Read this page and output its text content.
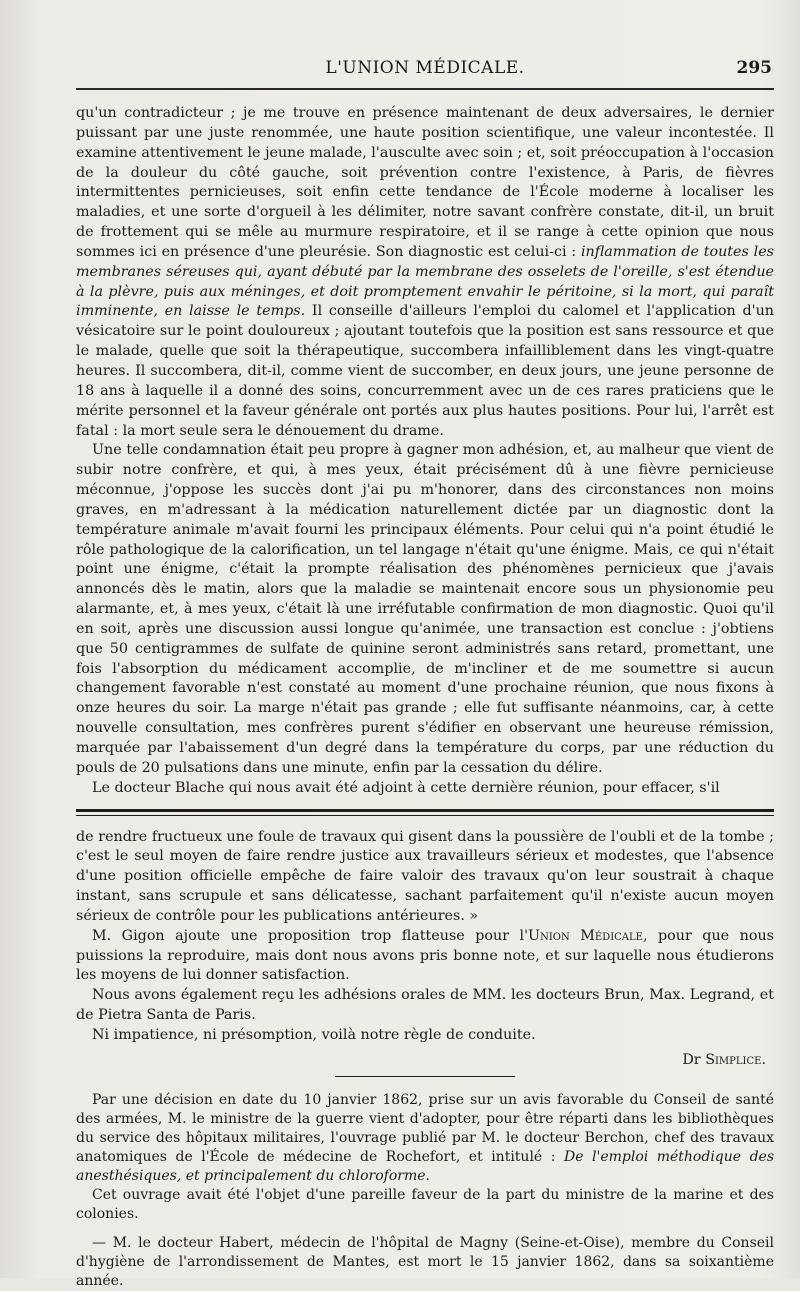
L'UNION MÉDICALE.	295

qu'un contradicteur ; je me trouve en présence maintenant de deux adversaires, le dernier puissant par une juste renommée, une haute position scientifique, une valeur incontestée. Il examine attentivement le jeune malade, l'ausculte avec soin ; et, soit préoccupation à l'occasion de la douleur du côté gauche, soit prévention contre l'existence, à Paris, de fièvres intermittentes pernicieuses, soit enfin cette tendance de l'École moderne à localiser les maladies, et une sorte d'orgueil à les délimiter, notre savant confrère constate, dit-il, un bruit de frottement qui se mêle au murmure respiratoire, et il se range à cette opinion que nous sommes ici en présence d'une pleurésie. Son diagnostic est celui-ci : inflammation de toutes les membranes séreuses qui, ayant débuté par la membrane des osselets de l'oreille, s'est étendue à la plèvre, puis aux méninges, et doit promptement envahir le péritoine, si la mort, qui paraît imminente, en laisse le temps. Il conseille d'ailleurs l'emploi du calomel et l'application d'un vésicatoire sur le point douloureux ; ajoutant toutefois que la position est sans ressource et que le malade, quelle que soit la thérapeutique, succombera infailliblement dans les vingt-quatre heures. Il succombera, dit-il, comme vient de succomber, en deux jours, une jeune personne de 18 ans à laquelle il a donné des soins, concurremment avec un de ces rares praticiens que le mérite personnel et la faveur générale ont portés aux plus hautes positions. Pour lui, l'arrêt est fatal : la mort seule sera le dénouement du drame.

Une telle condamnation était peu propre à gagner mon adhésion, et, au malheur que vient de subir notre confrère, et qui, à mes yeux, était précisément dû à une fièvre pernicieuse méconnue, j'oppose les succès dont j'ai pu m'honorer, dans des circonstances non moins graves, en m'adressant à la médication naturellement dictée par un diagnostic dont la température animale m'avait fourni les principaux éléments. Pour celui qui n'a point étudié le rôle pathologique de la calorification, un tel langage n'était qu'une énigme. Mais, ce qui n'était point une énigme, c'était la prompte réalisation des phénomènes pernicieux que j'avais annoncés dès le matin, alors que la maladie se maintenait encore sous un physionomie peu alarmante, et, à mes yeux, c'était là une irréfutable confirmation de mon diagnostic. Quoi qu'il en soit, après une discussion aussi longue qu'animée, une transaction est conclue : j'obtiens que 50 centigrammes de sulfate de quinine seront administrés sans retard, promettant, une fois l'absorption du médicament accomplie, de m'incliner et de me soumettre si aucun changement favorable n'est constaté au moment d'une prochaine réunion, que nous fixons à onze heures du soir. La marge n'était pas grande ; elle fut suffisante néanmoins, car, à cette nouvelle consultation, mes confrères purent s'édifier en observant une heureuse rémission, marquée par l'abaissement d'un degré dans la température du corps, par une réduction du pouls de 20 pulsations dans une minute, enfin par la cessation du délire.

Le docteur Blache qui nous avait été adjoint à cette dernière réunion, pour effacer, s'il

de rendre fructueux une foule de travaux qui gisent dans la poussière de l'oubli et de la tombe ; c'est le seul moyen de faire rendre justice aux travailleurs sérieux et modestes, que l'absence d'une position officielle empêche de faire valoir des travaux qu'on leur soustrait à chaque instant, sans scrupule et sans délicatesse, sachant parfaitement qu'il n'existe aucun moyen sérieux de contrôle pour les publications antérieures. »

M. Gigon ajoute une proposition trop flatteuse pour l'Union Médicale, pour que nous puissions la reproduire, mais dont nous avons pris bonne note, et sur laquelle nous étudierons les moyens de lui donner satisfaction.

Nous avons également reçu les adhésions orales de MM. les docteurs Brun, Max. Legrand, et de Pietra Santa de Paris.

Ni impatience, ni présomption, voilà notre règle de conduite.

Dr Simplice.

Par une décision en date du 10 janvier 1862, prise sur un avis favorable du Conseil de santé des armées, M. le ministre de la guerre vient d'adopter, pour être réparti dans les bibliothèques du service des hôpitaux militaires, l'ouvrage publié par M. le docteur Berchon, chef des travaux anatomiques de l'École de médecine de Rochefort, et intitulé : De l'emploi méthodique des anesthésiques, et principalement du chloroforme.

Cet ouvrage avait été l'objet d'une pareille faveur de la part du ministre de la marine et des colonies.

— M. le docteur Habert, médecin de l'hôpital de Magny (Seine-et-Oise), membre du Conseil d'hygiène de l'arrondissement de Mantes, est mort le 15 janvier 1862, dans sa soixantième année.
